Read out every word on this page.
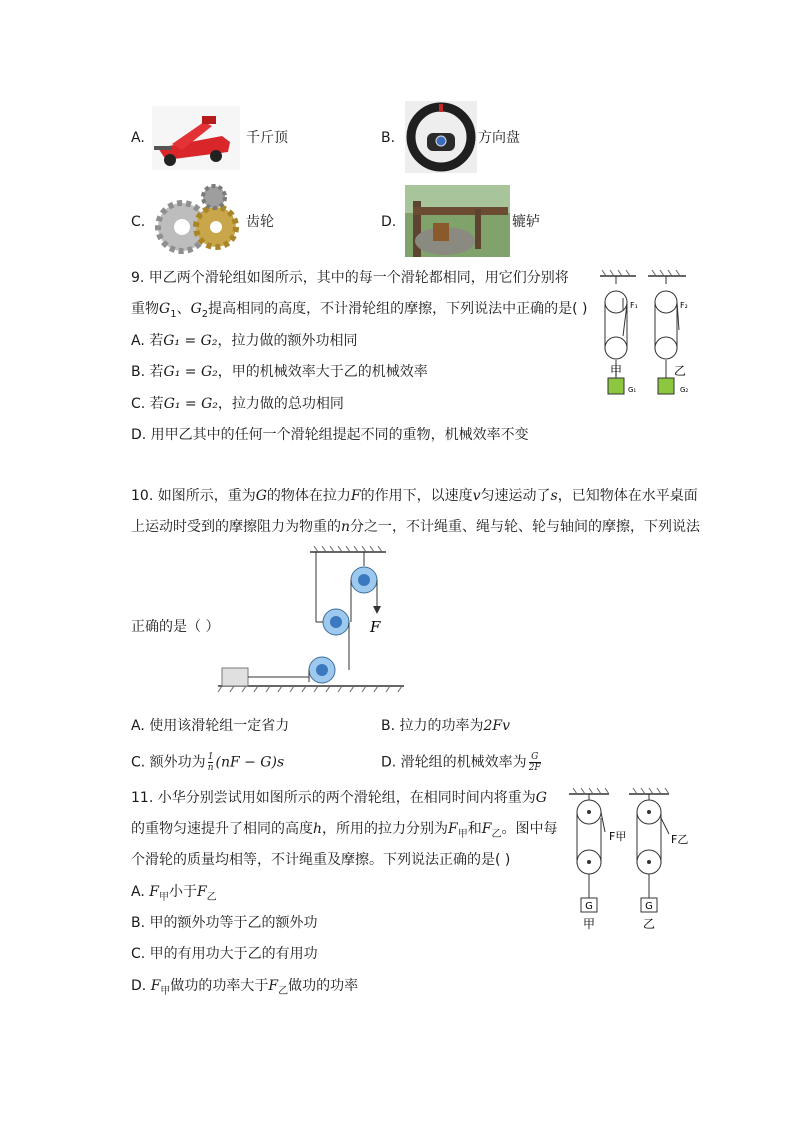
A.	千斤顶	B.	方向盘
C.	齿轮	D.	辘轳
9. 甲乙两个滑轮组如图所示，其中的每一个滑轮都相同，用它们分别将
重物$G_1$、$G_2$提高相同的高度，不计滑轮组的摩擦，下列说法中正确的是( )
A. 若G₁ = G₂，拉力做的额外功相同
B. 若G₁ = G₂，甲的机械效率大于乙的机械效率
C. 若G₁ = G₂，拉力做的总功相同
D. 用甲乙其中的任何一个滑轮组提起不同的重物，机械效率不变
F₁
甲
G₁
F₂
乙
G₂
10. 如图所示，重为G的物体在拉力F的作用下，以速度v匀速运动了s，已知物体在水平桌面
上运动时受到的摩擦阻力为物重的n分之一，不计绳重、绳与轮、轮与轴间的摩擦，下列说法
正确的是（ ）	F
A. 使用该滑轮组一定省力	B. 拉力的功率为2Fv
C. 额外功为 $\frac{1}{n} (nF - G)s$	D. 滑轮组的机械效率为 $\frac{G}{2F}$
11. 小华分别尝试用如图所示的两个滑轮组，在相同时间内将重为G
的重物匀速提升了相同的高度h，所用的拉力分别为$F_甲$和$F_乙$。图中每
个滑轮的质量均相等，不计绳重及摩擦。下列说法正确的是( )
A. $F_甲$小于$F_乙$
B. 甲的额外功等于乙的额外功
C. 甲的有用功大于乙的有用功
D. $F_甲$做功的功率大于$F_乙$做功的功率
G
甲
F甲
G
乙
F乙
